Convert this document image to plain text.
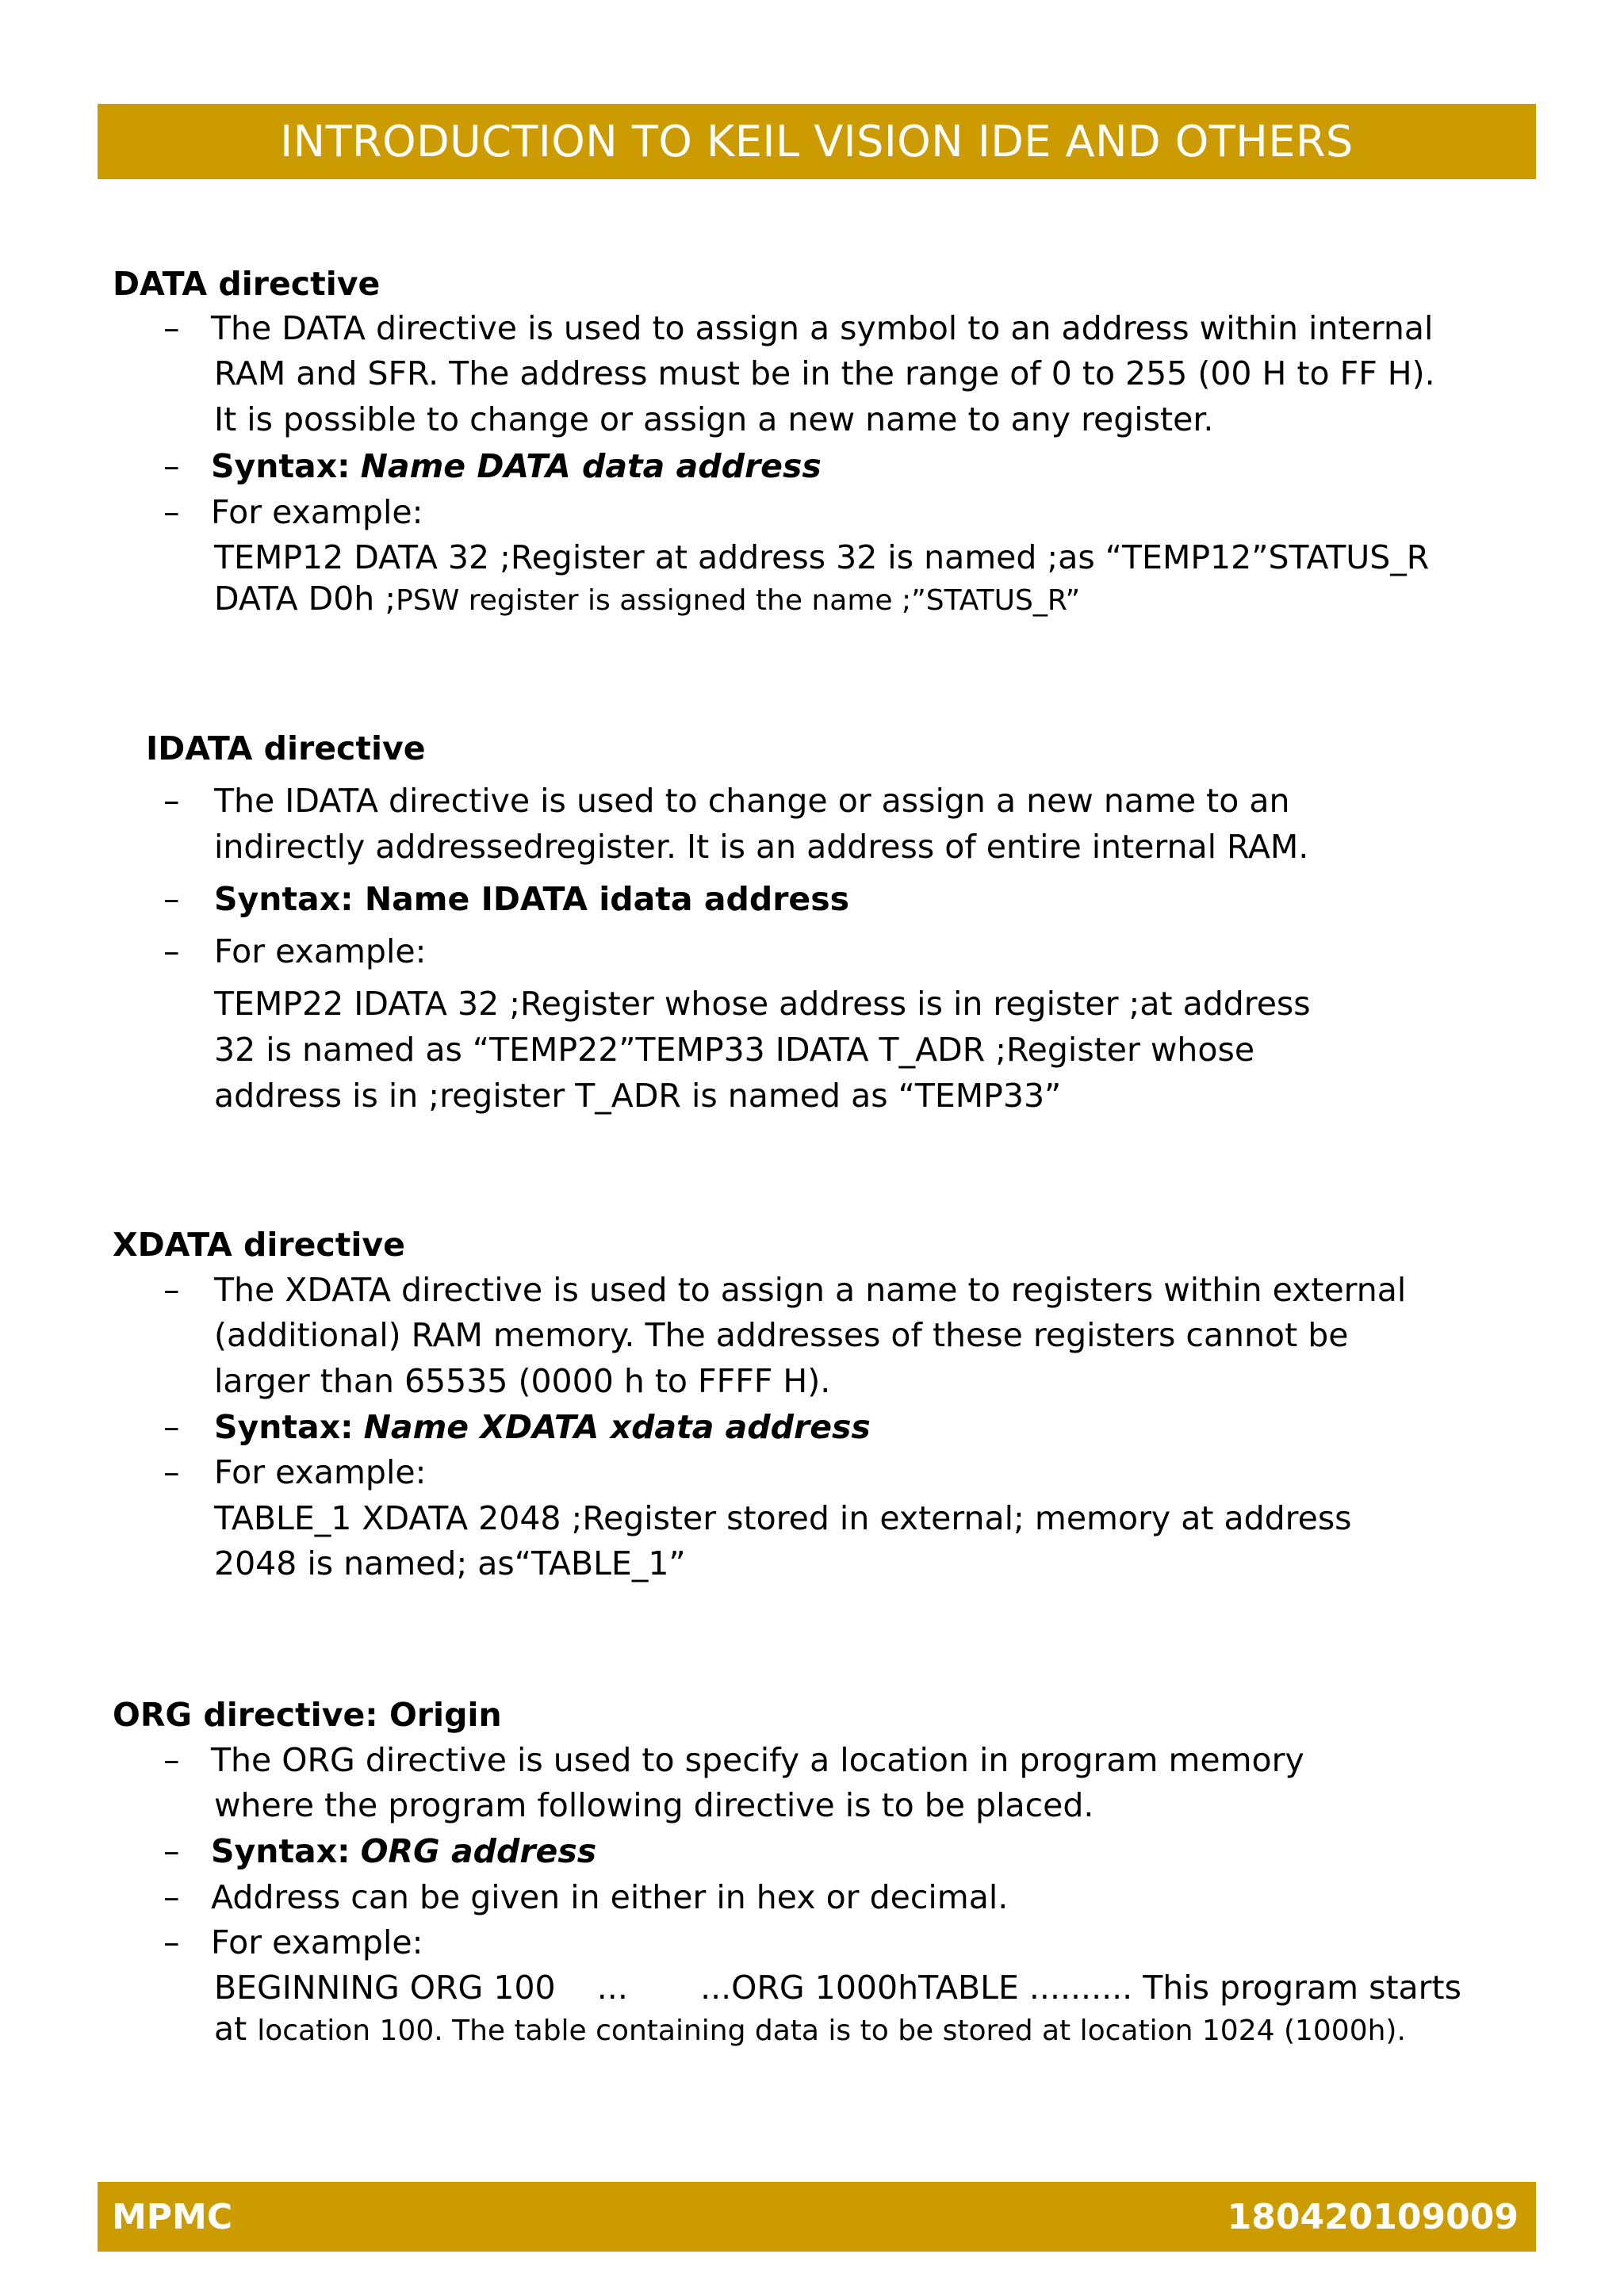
INTRODUCTION TO KEIL VISION IDE AND OTHERS
DATA directive
– The DATA directive is used to assign a symbol to an address within internal
RAM and SFR. The address must be in the range of 0 to 255 (00 H to FF H).
It is possible to change or assign a new name to any register.
– Syntax: Name DATA data address
– For example:
TEMP12 DATA 32 ;Register at address 32 is named ;as “TEMP12”STATUS_R
DATA D0h ;PSW register is assigned the name ;”STATUS_R”
IDATA directive
– The IDATA directive is used to change or assign a new name to an
indirectly addressedregister. It is an address of entire internal RAM.
– Syntax: Name IDATA idata address
– For example:
TEMP22 IDATA 32 ;Register whose address is in register ;at address
32 is named as “TEMP22”TEMP33 IDATA T_ADR ;Register whose
address is in ;register T_ADR is named as “TEMP33”
XDATA directive
– The XDATA directive is used to assign a name to registers within external
(additional) RAM memory. The addresses of these registers cannot be
larger than 65535 (0000 h to FFFF H).
– Syntax: Name XDATA xdata address
– For example:
TABLE_1 XDATA 2048 ;Register stored in external; memory at address
2048 is named; as“TABLE_1”
ORG directive: Origin
– The ORG directive is used to specify a location in program memory
where the program following directive is to be placed.
– Syntax: ORG address
– Address can be given in either in hex or decimal.
– For example:
BEGINNING ORG 100    ...       ...ORG 1000hTABLE .......... This program starts
at location 100. The table containing data is to be stored at location 1024 (1000h).
MPMC	180420109009
